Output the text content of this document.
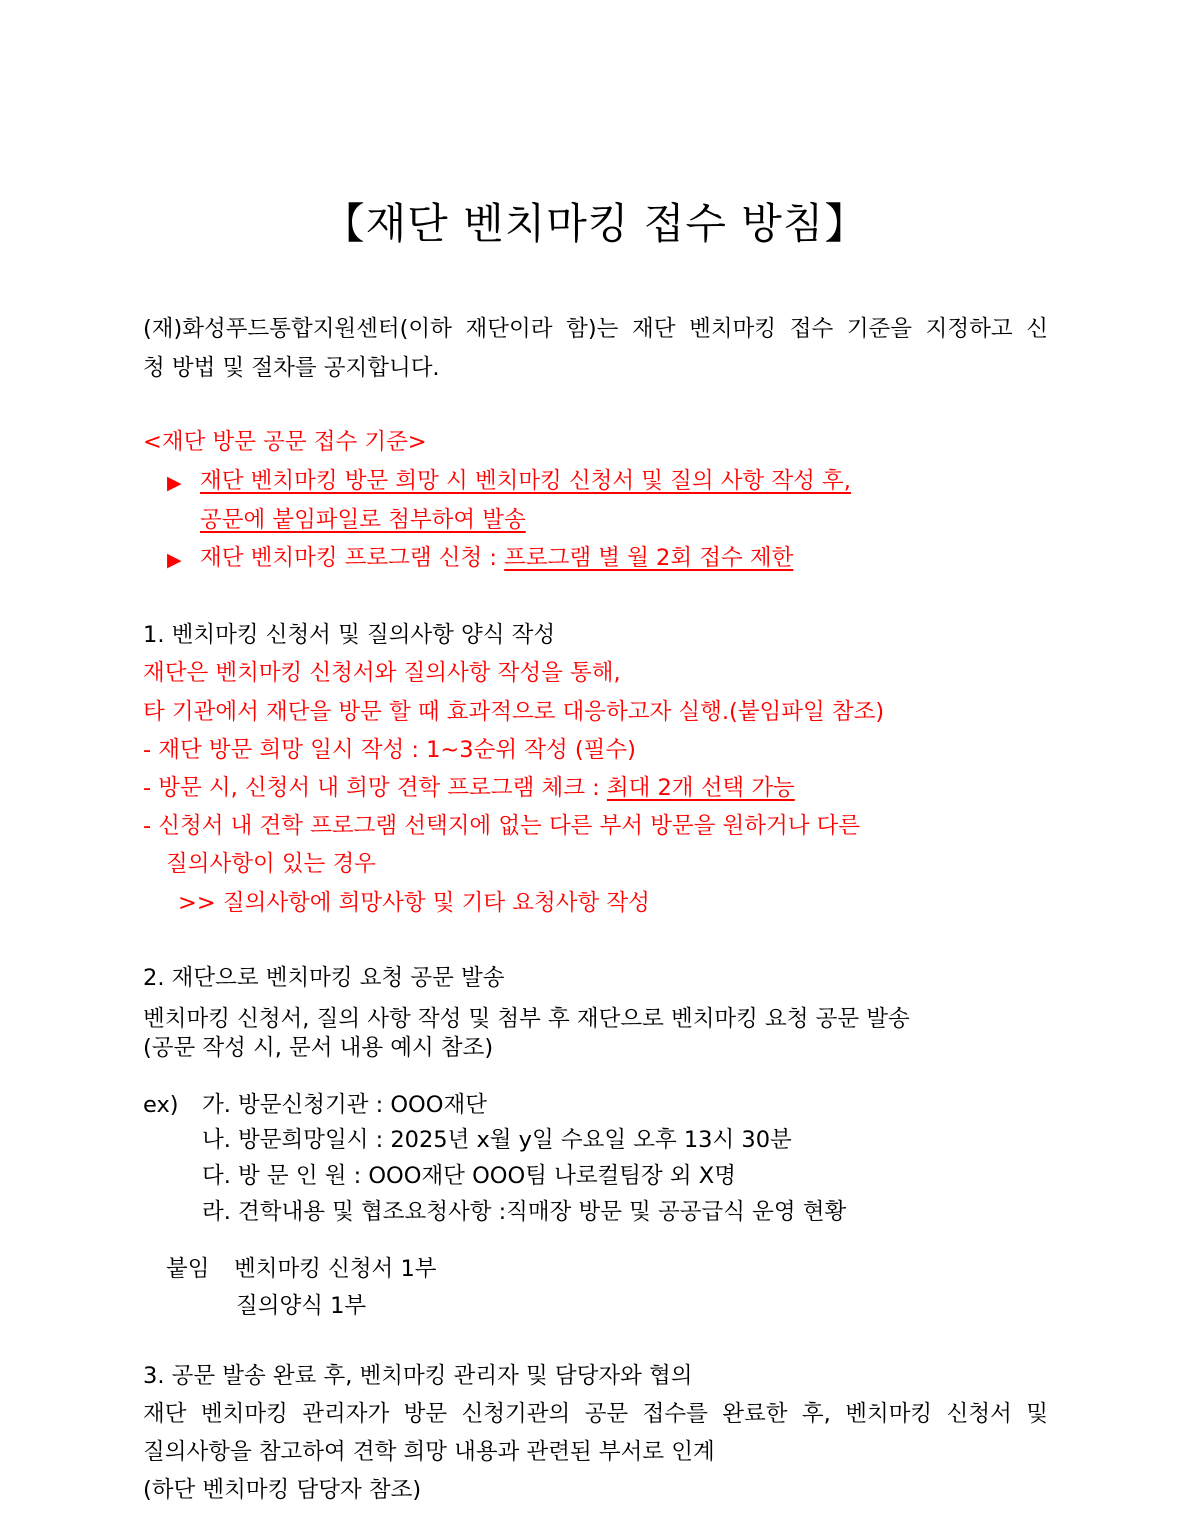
【재단 벤치마킹 접수 방침】
(재)화성푸드통합지원센터(이하 재단이라 함)는 재단 벤치마킹 접수 기준을 지정하고 신
청 방법 및 절차를 공지합니다.
<재단 방문 공문 접수 기준>
▶ 재단 벤치마킹 방문 희망 시 벤치마킹 신청서 및 질의 사항 작성 후,
공문에 붙임파일로 첨부하여 발송
▶ 재단 벤치마킹 프로그램 신청 : 프로그램 별 월 2회 접수 제한
1. 벤치마킹 신청서 및 질의사항 양식 작성
재단은 벤치마킹 신청서와 질의사항 작성을 통해,
타 기관에서 재단을 방문 할 때 효과적으로 대응하고자 실행.(붙임파일 참조)
- 재단 방문 희망 일시 작성 : 1~3순위 작성 (필수)
- 방문 시, 신청서 내 희망 견학 프로그램 체크 : 최대 2개 선택 가능
- 신청서 내 견학 프로그램 선택지에 없는 다른 부서 방문을 원하거나 다른
질의사항이 있는 경우
>> 질의사항에 희망사항 및 기타 요청사항 작성
2. 재단으로 벤치마킹 요청 공문 발송
벤치마킹 신청서, 질의 사항 작성 및 첨부 후 재단으로 벤치마킹 요청 공문 발송
(공문 작성 시, 문서 내용 예시 참조)
ex) 가. 방문신청기관 : OOO재단
나. 방문희망일시 : 2025년 x월 y일 수요일 오후 13시 30분
다. 방 문 인 원 : OOO재단 OOO팀 나로컬팀장 외 X명
라. 견학내용 및 협조요청사항 :직매장 방문 및 공공급식 운영 현황
붙임 벤치마킹 신청서 1부
질의양식 1부
3. 공문 발송 완료 후, 벤치마킹 관리자 및 담당자와 협의
재단 벤치마킹 관리자가 방문 신청기관의 공문 접수를 완료한 후, 벤치마킹 신청서 및
질의사항을 참고하여 견학 희망 내용과 관련된 부서로 인계
(하단 벤치마킹 담당자 참조)
